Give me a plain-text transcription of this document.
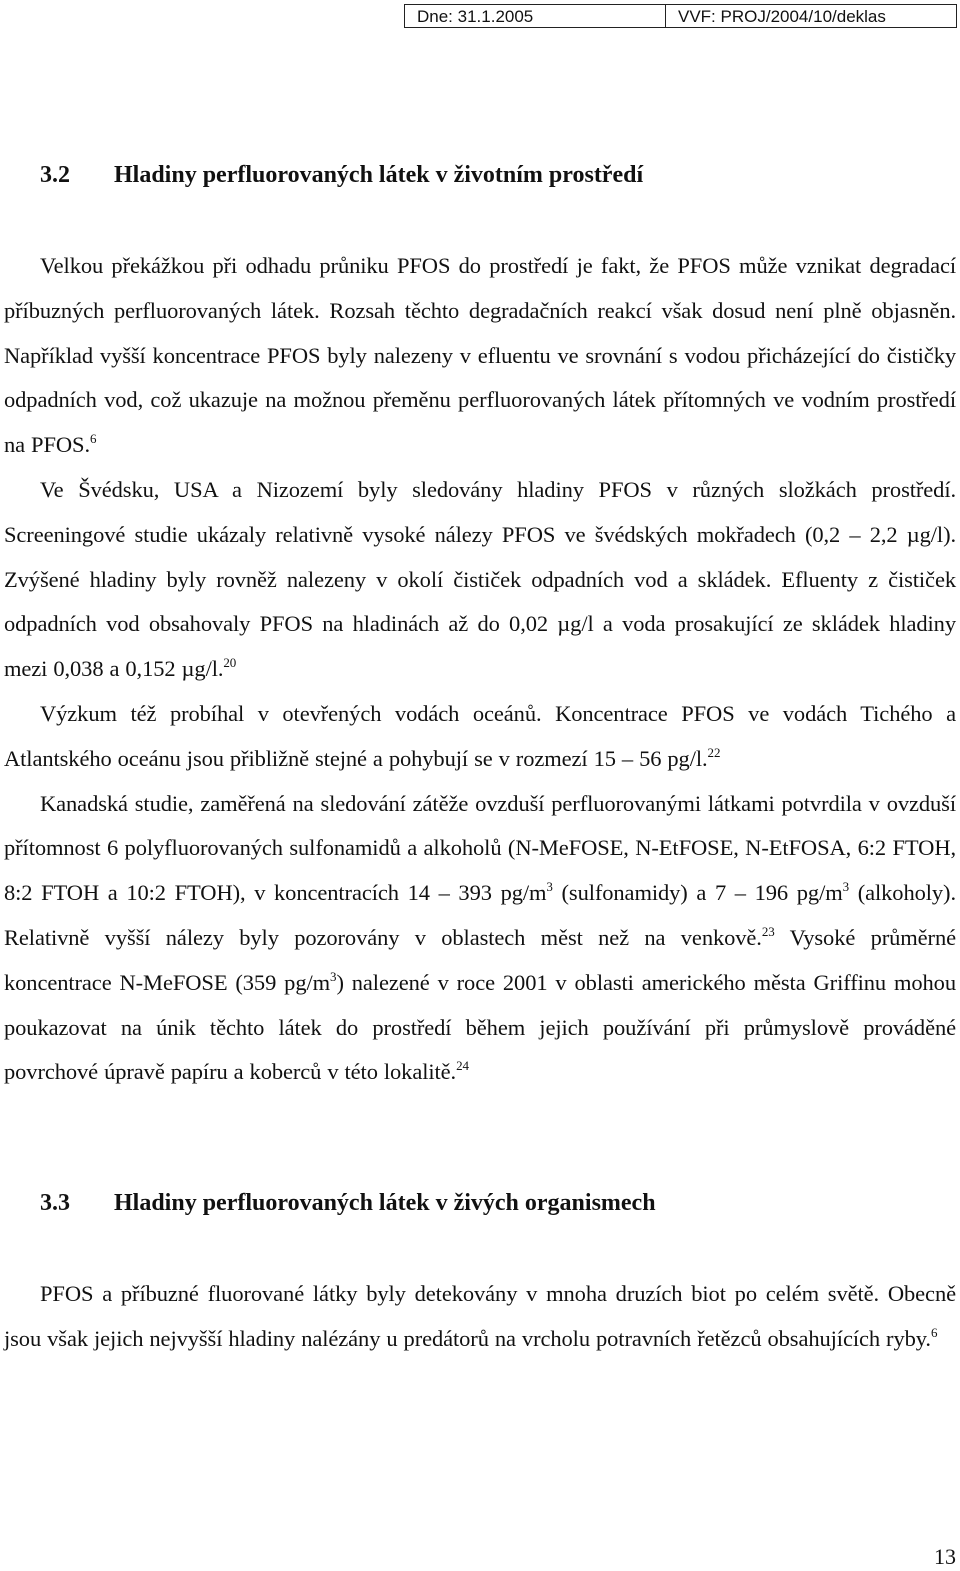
Dne: 31.1.2005	VVF: PROJ/2004/10/deklas
3.2 Hladiny perfluorovaných látek v životním prostředí
Velkou překážkou při odhadu průniku PFOS do prostředí je fakt, že PFOS může vznikat degradací příbuzných perfluorovaných látek. Rozsah těchto degradačních reakcí však dosud není plně objasněn. Například vyšší koncentrace PFOS byly nalezeny v efluentu ve srovnání s vodou přicházející do čističky odpadních vod, což ukazuje na možnou přeměnu perfluorovaných látek přítomných ve vodním prostředí na PFOS.$^6$
Ve Švédsku, USA a Nizozemí byly sledovány hladiny PFOS v různých složkách prostředí. Screeningové studie ukázaly relativně vysoké nálezy PFOS ve švédských mokřadech (0,2 – 2,2 µg/l). Zvýšené hladiny byly rovněž nalezeny v okolí čističek odpadních vod a skládek. Efluenty z čističek odpadních vod obsahovaly PFOS na hladinách až do 0,02 µg/l a voda prosakující ze skládek hladiny mezi 0,038 a 0,152 µg/l.$^{20}$
Výzkum též probíhal v otevřených vodách oceánů. Koncentrace PFOS ve vodách Tichého a Atlantského oceánu jsou přibližně stejné a pohybují se v rozmezí 15 – 56 pg/l.$^{22}$
Kanadská studie, zaměřená na sledování zátěže ovzduší perfluorovanými látkami potvrdila v ovzduší přítomnost 6 polyfluorovaných sulfonamidů a alkoholů (N-MeFOSE, N-EtFOSE, N-EtFOSA, 6:2 FTOH, 8:2 FTOH a 10:2 FTOH), v koncentracích 14 – 393 $pg/m^3$ (sulfonamidy) a 7 – 196 $pg/m^3$ (alkoholy). Relativně vyšší nálezy byly pozorovány v oblastech měst než na venkově.$^{23}$ Vysoké průměrné koncentrace N-MeFOSE (359 $pg/m^3$) nalezené v roce 2001 v oblasti amerického města Griffinu mohou poukazovat na únik těchto látek do prostředí během jejich používání při průmyslově prováděné povrchové úpravě papíru a koberců v této lokalitě.$^{24}$
3.3 Hladiny perfluorovaných látek v živých organismech
PFOS a příbuzné fluorované látky byly detekovány v mnoha druzích biot po celém světě. Obecně jsou však jejich nejvyšší hladiny nalézány u predátorů na vrcholu potravních řetězců obsahujících ryby.$^6$
13
